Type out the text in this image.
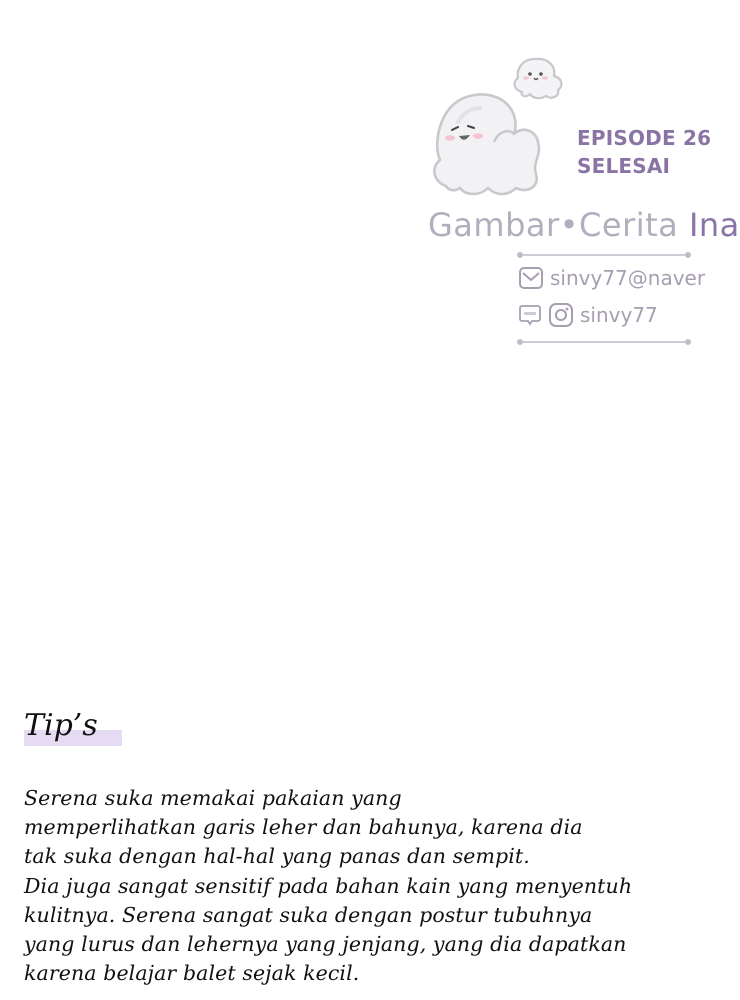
EPISODE 26
SELESAI
Gambar•Cerita Ina
sinvy77@naver
sinvy77
Tip’s
Serena suka memakai pakaian yang
memperlihatkan garis leher dan bahunya, karena dia
tak suka dengan hal-hal yang panas dan sempit.
Dia juga sangat sensitif pada bahan kain yang menyentuh
kulitnya. Serena sangat suka dengan postur tubuhnya
yang lurus dan lehernya yang jenjang, yang dia dapatkan
karena belajar balet sejak kecil.
